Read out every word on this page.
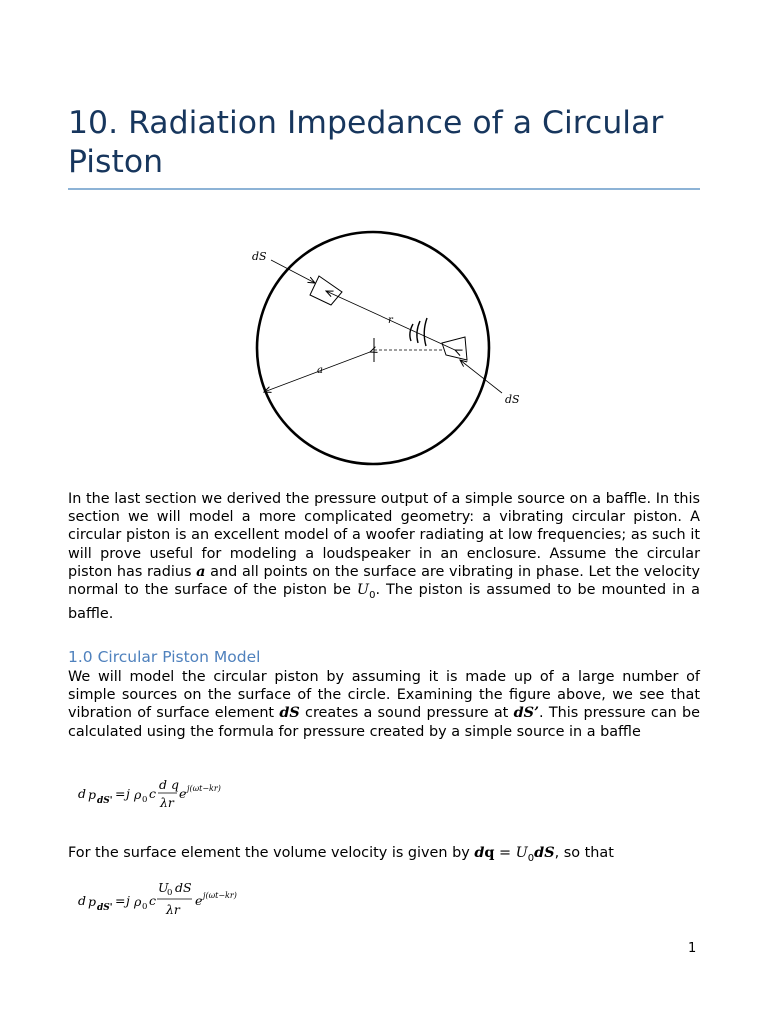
10. Radiation Impedance of a Circular Piston
dS
dS
r
a

In the last section we derived the pressure output of a simple source on a baffle. In this section we will model a more complicated geometry: a vibrating circular piston. A circular piston is an excellent model of a woofer radiating at low frequencies; as such it will prove useful for modeling a loudspeaker in an enclosure. Assume the circular piston has radius a and all points on the surface are vibrating in phase. Let the velocity normal to the surface of the piston be $U_0$. The piston is assumed to be mounted in a baffle.

1.0 Circular Piston Model

We will model the circular piston by assuming it is made up of a large number of simple sources on the surface of the circle. Examining the figure above, we see that vibration of surface element dS creates a sound pressure at dS’. This pressure can be calculated using the formula for pressure created by a simple source in a baffle

d p dS' = j ρ 0 c
d q
λr
e j(ωt−kr)

For the surface element the volume velocity is given by dq = $U_0dS$, so that

d p dS' = j ρ 0 c
U
0 dS
λr
e j(ωt−kr)
1
